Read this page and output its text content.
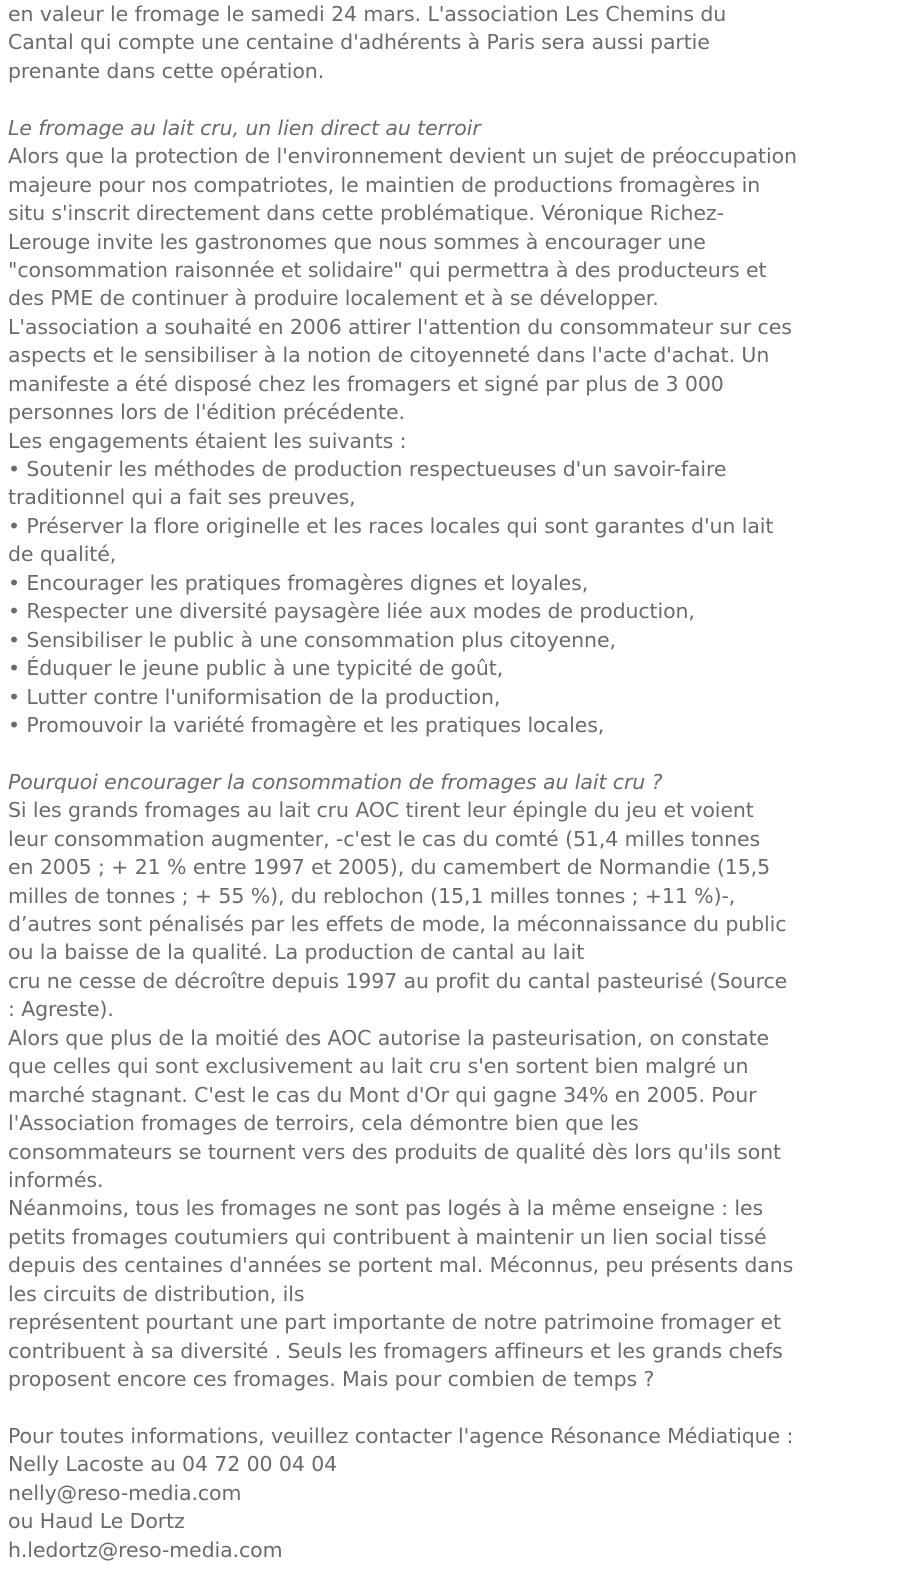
en valeur le fromage le samedi 24 mars. L'association Les Chemins du
Cantal qui compte une centaine d'adhérents à Paris sera aussi partie
prenante dans cette opération.
Le fromage au lait cru, un lien direct au terroir
Alors que la protection de l'environnement devient un sujet de préoccupation
majeure pour nos compatriotes, le maintien de productions fromagères in
situ s'inscrit directement dans cette problématique. Véronique Richez-
Lerouge invite les gastronomes que nous sommes à encourager une
"consommation raisonnée et solidaire" qui permettra à des producteurs et
des PME de continuer à produire localement et à se développer.
L'association a souhaité en 2006 attirer l'attention du consommateur sur ces
aspects et le sensibiliser à la notion de citoyenneté dans l'acte d'achat. Un
manifeste a été disposé chez les fromagers et signé par plus de 3 000
personnes lors de l'édition précédente.
Les engagements étaient les suivants :
• Soutenir les méthodes de production respectueuses d'un savoir-faire
traditionnel qui a fait ses preuves,
• Préserver la flore originelle et les races locales qui sont garantes d'un lait
de qualité,
• Encourager les pratiques fromagères dignes et loyales,
• Respecter une diversité paysagère liée aux modes de production,
• Sensibiliser le public à une consommation plus citoyenne,
• Éduquer le jeune public à une typicité de goût,
• Lutter contre l'uniformisation de la production,
• Promouvoir la variété fromagère et les pratiques locales,
Pourquoi encourager la consommation de fromages au lait cru ?
Si les grands fromages au lait cru AOC tirent leur épingle du jeu et voient
leur consommation augmenter, -c'est le cas du comté (51,4 milles tonnes
en 2005 ; + 21 % entre 1997 et 2005), du camembert de Normandie (15,5
milles de tonnes ; + 55 %), du reblochon (15,1 milles tonnes ; +11 %)-,
d’autres sont pénalisés par les effets de mode, la méconnaissance du public
ou la baisse de la qualité. La production de cantal au lait
cru ne cesse de décroître depuis 1997 au profit du cantal pasteurisé (Source
: Agreste).
Alors que plus de la moitié des AOC autorise la pasteurisation, on constate
que celles qui sont exclusivement au lait cru s'en sortent bien malgré un
marché stagnant. C'est le cas du Mont d'Or qui gagne 34% en 2005. Pour
l'Association fromages de terroirs, cela démontre bien que les
consommateurs se tournent vers des produits de qualité dès lors qu'ils sont
informés.
Néanmoins, tous les fromages ne sont pas logés à la même enseigne : les
petits fromages coutumiers qui contribuent à maintenir un lien social tissé
depuis des centaines d'années se portent mal. Méconnus, peu présents dans
les circuits de distribution, ils
représentent pourtant une part importante de notre patrimoine fromager et
contribuent à sa diversité . Seuls les fromagers affineurs et les grands chefs
proposent encore ces fromages. Mais pour combien de temps ?
Pour toutes informations, veuillez contacter l'agence Résonance Médiatique :
Nelly Lacoste au 04 72 00 04 04
nelly@reso-media.com
ou Haud Le Dortz
h.ledortz@reso-media.com
